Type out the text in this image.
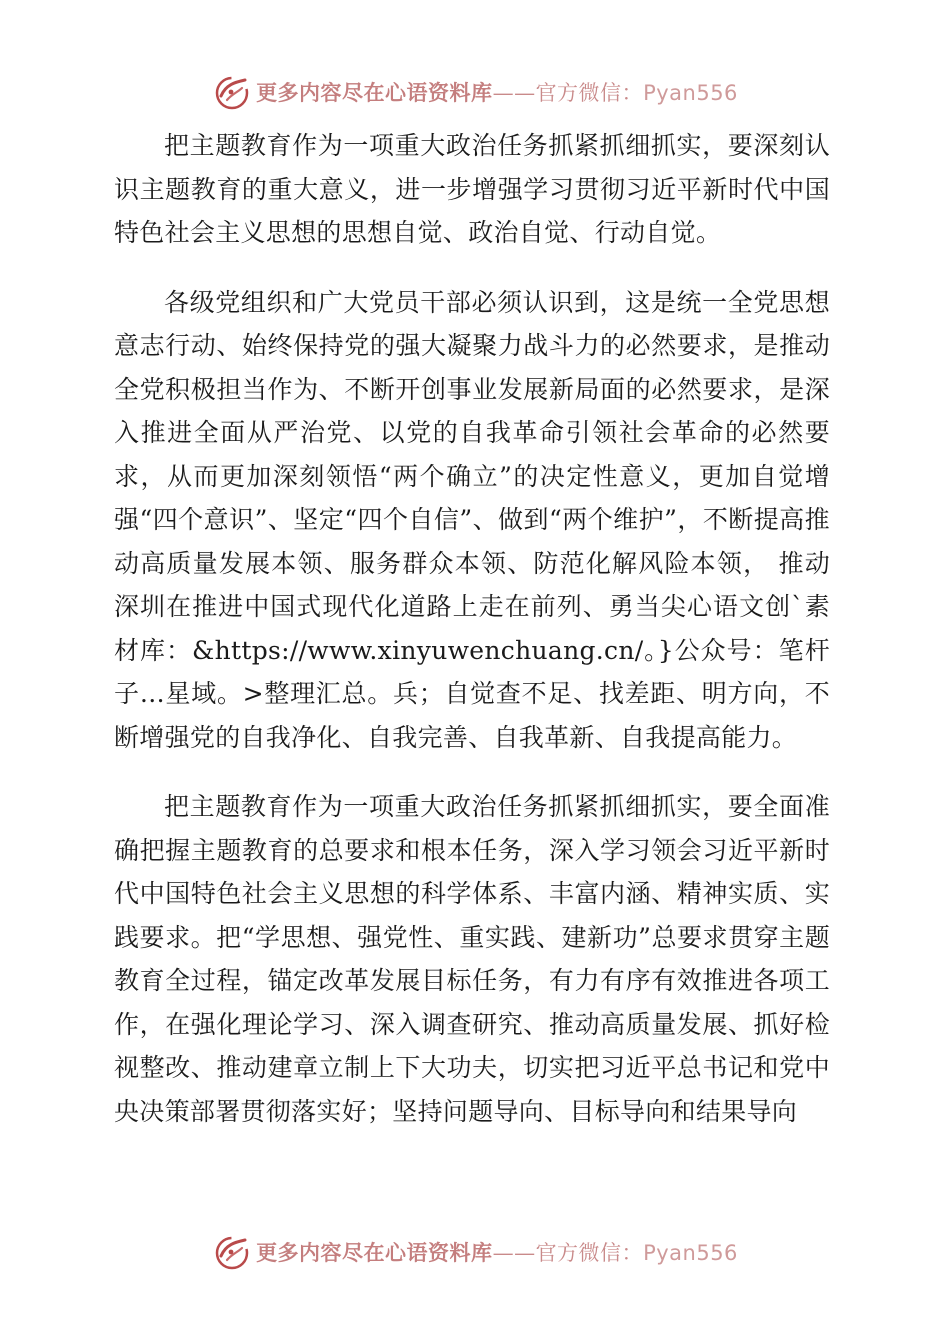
更多内容尽在心语资料库——官方微信：Pyan556

把主题教育作为一项重大政治任务抓紧抓细抓实，要深刻认识主题教育的重大意义，进一步增强学习贯彻习近平新时代中国特色社会主义思想的思想自觉、政治自觉、行动自觉。

各级党组织和广大党员干部必须认识到，这是统一全党思想意志行动、始终保持党的强大凝聚力战斗力的必然要求，是推动全党积极担当作为、不断开创事业发展新局面的必然要求，是深入推进全面从严治党、以党的自我革命引领社会革命的必然要 求，从而更加深刻领悟“两个确立”的决定性意义，更加自觉增强“四个意识”、坚定“四个自信”、做到“两个维护”，不断提高推动高质量发展本领、服务群众本领、防范化解风险本领， 推动深圳在推进中国式现代化道路上走在前列、勇当尖心语文创`素材库：&https://www.xinyuwenchuang.cn/。}公众号：笔杆子…星域。>整理汇总。兵；自觉查不足、找差距、明方向，不断增强党的自我净化、自我完善、自我革新、自我提高能力。

把主题教育作为一项重大政治任务抓紧抓细抓实，要全面准确把握主题教育的总要求和根本任务，深入学习领会习近平新时代中国特色社会主义思想的科学体系、丰富内涵、精神实质、实践要求。把“学思想、强党性、重实践、建新功”总要求贯穿主题教育全过程，锚定改革发展目标任务，有力有序有效推进各项工作，在强化理论学习、深入调查研究、推动高质量发展、抓好检视整改、推动建章立制上下大功夫，切实把习近平总书记和党中央决策部署贯彻落实好；坚持问题导向、目标导向和结果导向

更多内容尽在心语资料库——官方微信：Pyan556
